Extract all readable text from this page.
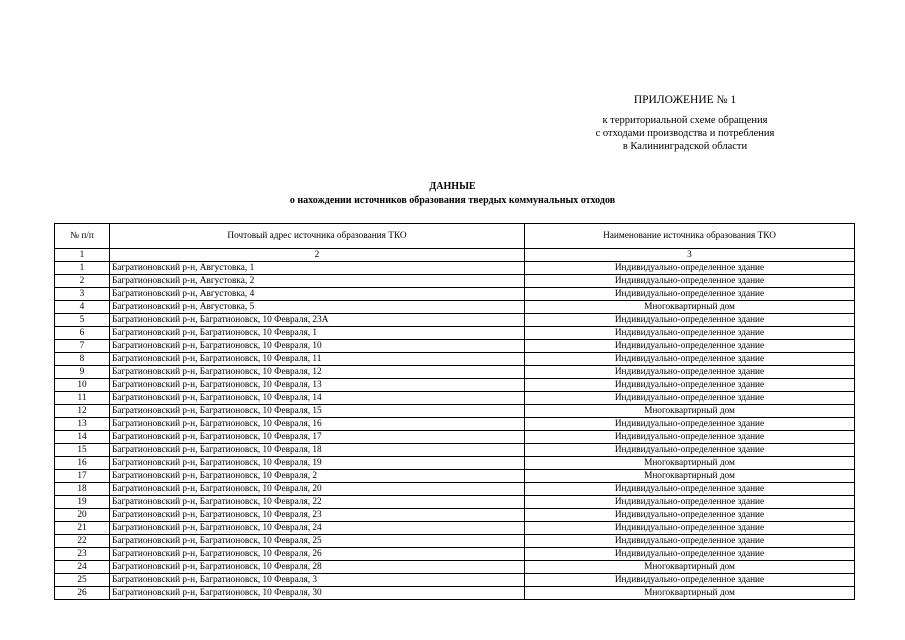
ПРИЛОЖЕНИЕ № 1
к территориальной схеме обращения
с отходами производства и потребления
в Калининградской области
ДАННЫЕ
о нахождении источников образования твердых коммунальных отходов
№ п/п	Почтовый адрес источника образования ТКО	Наименование источника образования ТКО
1	2	3
1	Багратионовский р-н, Августовка, 1	Индивидуально-определенное здание
2	Багратионовский р-н, Августовка, 2	Индивидуально-определенное здание
3	Багратионовский р-н, Августовка, 4	Индивидуально-определенное здание
4	Багратионовский р-н, Августовка, 5	Многоквартирный дом
5	Багратионовский р-н, Багратионовск, 10 Февраля, 23А	Индивидуально-определенное здание
6	Багратионовский р-н, Багратионовск, 10 Февраля, 1	Индивидуально-определенное здание
7	Багратионовский р-н, Багратионовск, 10 Февраля, 10	Индивидуально-определенное здание
8	Багратионовский р-н, Багратионовск, 10 Февраля, 11	Индивидуально-определенное здание
9	Багратионовский р-н, Багратионовск, 10 Февраля, 12	Индивидуально-определенное здание
10	Багратионовский р-н, Багратионовск, 10 Февраля, 13	Индивидуально-определенное здание
11	Багратионовский р-н, Багратионовск, 10 Февраля, 14	Индивидуально-определенное здание
12	Багратионовский р-н, Багратионовск, 10 Февраля, 15	Многоквартирный дом
13	Багратионовский р-н, Багратионовск, 10 Февраля, 16	Индивидуально-определенное здание
14	Багратионовский р-н, Багратионовск, 10 Февраля, 17	Индивидуально-определенное здание
15	Багратионовский р-н, Багратионовск, 10 Февраля, 18	Индивидуально-определенное здание
16	Багратионовский р-н, Багратионовск, 10 Февраля, 19	Многоквартирный дом
17	Багратионовский р-н, Багратионовск, 10 Февраля, 2	Многоквартирный дом
18	Багратионовский р-н, Багратионовск, 10 Февраля, 20	Индивидуально-определенное здание
19	Багратионовский р-н, Багратионовск, 10 Февраля, 22	Индивидуально-определенное здание
20	Багратионовский р-н, Багратионовск, 10 Февраля, 23	Индивидуально-определенное здание
21	Багратионовский р-н, Багратионовск, 10 Февраля, 24	Индивидуально-определенное здание
22	Багратионовский р-н, Багратионовск, 10 Февраля, 25	Индивидуально-определенное здание
23	Багратионовский р-н, Багратионовск, 10 Февраля, 26	Индивидуально-определенное здание
24	Багратионовский р-н, Багратионовск, 10 Февраля, 28	Многоквартирный дом
25	Багратионовский р-н, Багратионовск, 10 Февраля, 3	Индивидуально-определенное здание
26	Багратионовский р-н, Багратионовск, 10 Февраля, 30	Многоквартирный дом
